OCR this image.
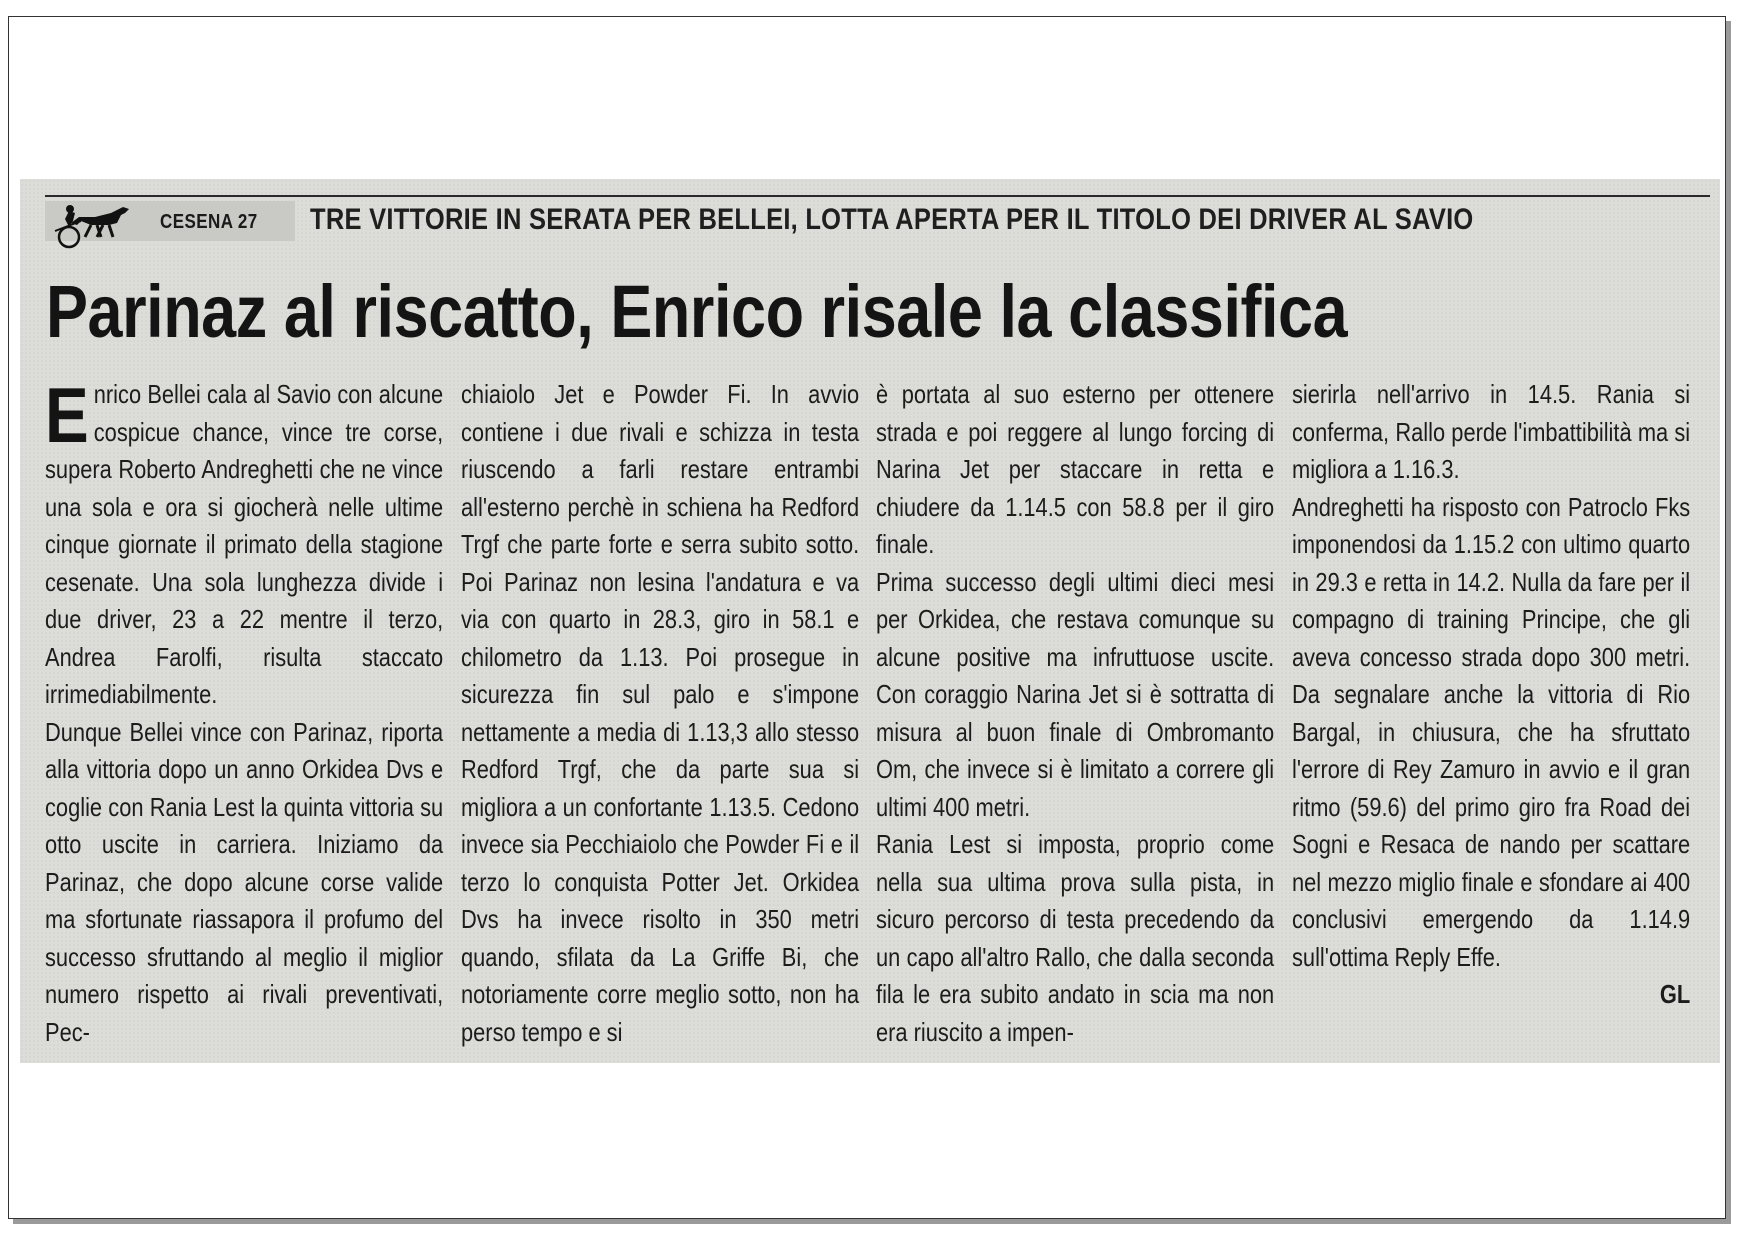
CESENA 27 TRE VITTORIE IN SERATA PER BELLEI, LOTTA APERTA PER IL TITOLO DEI DRIVER AL SAVIO
Parinaz al riscatto, Enrico risale la classifica

Enrico Bellei cala al Savio con alcune cospicue chance, vince tre corse, supera Roberto Andreghetti che ne vince una sola e ora si giocherà nelle ultime cinque giornate il primato della stagione cesenate. Una sola lunghezza divide i due driver, 23 a 22 mentre il terzo, Andrea Farolfi, risulta staccato irrimediabilmente.

Dunque Bellei vince con Parinaz, riporta alla vittoria dopo un anno Orkidea Dvs e coglie con Rania Lest la quinta vittoria su otto uscite in carriera. Iniziamo da Parinaz, che dopo alcune corse valide ma sfortunate riassapora il profumo del successo sfruttando al meglio il miglior numero rispetto ai rivali preventivati, Pec-

chiaiolo Jet e Powder Fi. In avvio contiene i due rivali e schizza in testa riuscendo a farli restare entrambi all'esterno perchè in schiena ha Redford Trgf che parte forte e serra subito sotto. Poi Parinaz non lesina l'andatura e va via con quarto in 28.3, giro in 58.1 e chilometro da 1.13. Poi prosegue in sicurezza fin sul palo e s'impone nettamente a media di 1.13,3 allo stesso Redford Trgf, che da parte sua si migliora a un confortante 1.13.5. Cedono invece sia Pecchiaiolo che Powder Fi e il terzo lo conquista Potter Jet. Orkidea Dvs ha invece risolto in 350 metri quando, sfilata da La Griffe Bi, che notoriamente corre meglio sotto, non ha perso tempo e si

è portata al suo esterno per ottenere strada e poi reggere al lungo forcing di Narina Jet per staccare in retta e chiudere da 1.14.5 con 58.8 per il giro finale.

Prima successo degli ultimi dieci mesi per Orkidea, che restava comunque su alcune positive ma infruttuose uscite. Con coraggio Narina Jet si è sottratta di misura al buon finale di Ombromanto Om, che invece si è limitato a correre gli ultimi 400 metri.

Rania Lest si imposta, proprio come nella sua ultima prova sulla pista, in sicuro percorso di testa precedendo da un capo all'altro Rallo, che dalla seconda fila le era subito andato in scia ma non era riuscito a impen-

sierirla nell'arrivo in 14.5. Rania si conferma, Rallo perde l'imbattibilità ma si migliora a 1.16.3.

Andreghetti ha risposto con Patroclo Fks imponendosi da 1.15.2 con ultimo quarto in 29.3 e retta in 14.2. Nulla da fare per il compagno di training Principe, che gli aveva concesso strada dopo 300 metri. Da segnalare anche la vittoria di Rio Bargal, in chiusura, che ha sfruttato l'errore di Rey Zamuro in avvio e il gran ritmo (59.6) del primo giro fra Road dei Sogni e Resaca de nando per scattare nel mezzo miglio finale e sfondare ai 400 conclusivi emergendo da 1.14.9 sull'ottima Reply Effe.

GL
